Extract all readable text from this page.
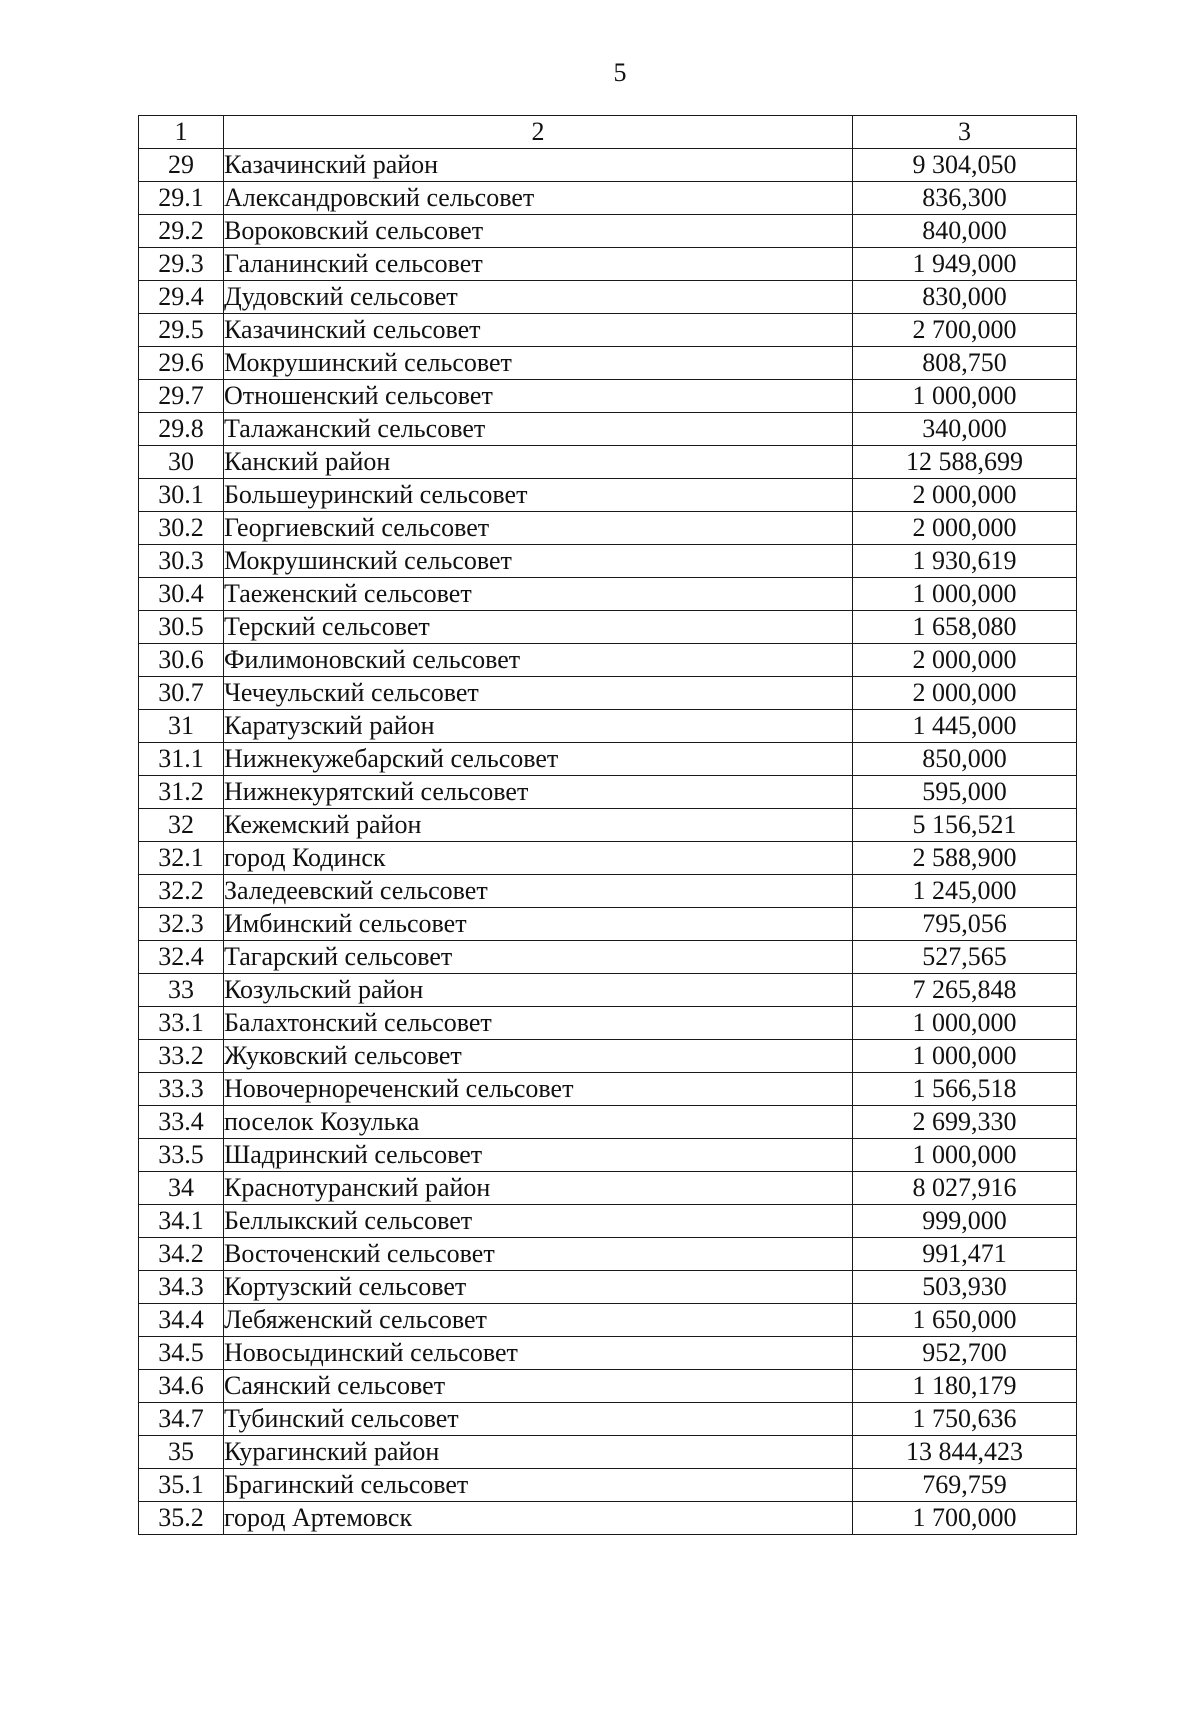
5
1	2	3
29	Казачинский район	9 304,050
29.1	Александровский сельсовет	836,300
29.2	Вороковский сельсовет	840,000
29.3	Галанинский сельсовет	1 949,000
29.4	Дудовский сельсовет	830,000
29.5	Казачинский сельсовет	2 700,000
29.6	Мокрушинский сельсовет	808,750
29.7	Отношенский сельсовет	1 000,000
29.8	Талажанский сельсовет	340,000
30	Канский район	12 588,699
30.1	Большеуринский сельсовет	2 000,000
30.2	Георгиевский сельсовет	2 000,000
30.3	Мокрушинский сельсовет	1 930,619
30.4	Таеженский сельсовет	1 000,000
30.5	Терский сельсовет	1 658,080
30.6	Филимоновский сельсовет	2 000,000
30.7	Чечеульский сельсовет	2 000,000
31	Каратузский район	1 445,000
31.1	Нижнекужебарский сельсовет	850,000
31.2	Нижнекурятский сельсовет	595,000
32	Кежемский район	5 156,521
32.1	город Кодинск	2 588,900
32.2	Заледеевский сельсовет	1 245,000
32.3	Имбинский сельсовет	795,056
32.4	Тагарский сельсовет	527,565
33	Козульский район	7 265,848
33.1	Балахтонский сельсовет	1 000,000
33.2	Жуковский сельсовет	1 000,000
33.3	Новочернореченский сельсовет	1 566,518
33.4	поселок Козулька	2 699,330
33.5	Шадринский сельсовет	1 000,000
34	Краснотуранский район	8 027,916
34.1	Беллыкский сельсовет	999,000
34.2	Восточенский сельсовет	991,471
34.3	Кортузский сельсовет	503,930
34.4	Лебяженский сельсовет	1 650,000
34.5	Новосыдинский сельсовет	952,700
34.6	Саянский сельсовет	1 180,179
34.7	Тубинский сельсовет	1 750,636
35	Курагинский район	13 844,423
35.1	Брагинский сельсовет	769,759
35.2	город Артемовск	1 700,000
